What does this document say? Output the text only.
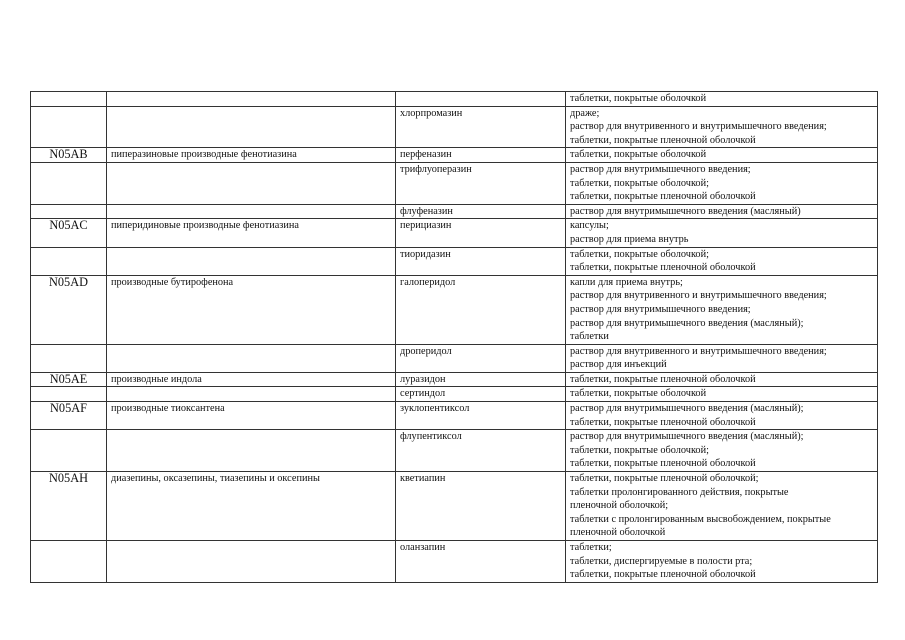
			таблетки, покрытые оболочкой
		хлорпромазин	драже;
раствор для внутривенного и внутримышечного введения;
таблетки, покрытые пленочной оболочкой
N05AB	пиперазиновые производные фенотиазина	перфеназин	таблетки, покрытые оболочкой
		трифлуоперазин	раствор для внутримышечного введения;
таблетки, покрытые оболочкой;
таблетки, покрытые пленочной оболочкой
		флуфеназин	раствор для внутримышечного введения (масляный)
N05AC	пиперидиновые производные фенотиазина	перициазин	капсулы;
раствор для приема внутрь
		тиоридазин	таблетки, покрытые оболочкой;
таблетки, покрытые пленочной оболочкой
N05AD	производные бутирофенона	галоперидол	капли для приема внутрь;
раствор для внутривенного и внутримышечного введения;
раствор для внутримышечного введения;
раствор для внутримышечного введения (масляный);
таблетки
		дроперидол	раствор для внутривенного и внутримышечного введения;
раствор для инъекций
N05AE	производные индола	луразидон	таблетки, покрытые пленочной оболочкой
		сертиндол	таблетки, покрытые оболочкой
N05AF	производные тиоксантена	зуклопентиксол	раствор для внутримышечного введения (масляный);
таблетки, покрытые пленочной оболочкой
		флупентиксол	раствор для внутримышечного введения (масляный);
таблетки, покрытые оболочкой;
таблетки, покрытые пленочной оболочкой
N05AH	диазепины, оксазепины, тиазепины и оксепины	кветиапин	таблетки, покрытые пленочной оболочкой;
таблетки пролонгированного действия, покрытые
пленочной оболочкой;
таблетки с пролонгированным высвобождением, покрытые
пленочной оболочкой
		оланзапин	таблетки;
таблетки, диспергируемые в полости рта;
таблетки, покрытые пленочной оболочкой
